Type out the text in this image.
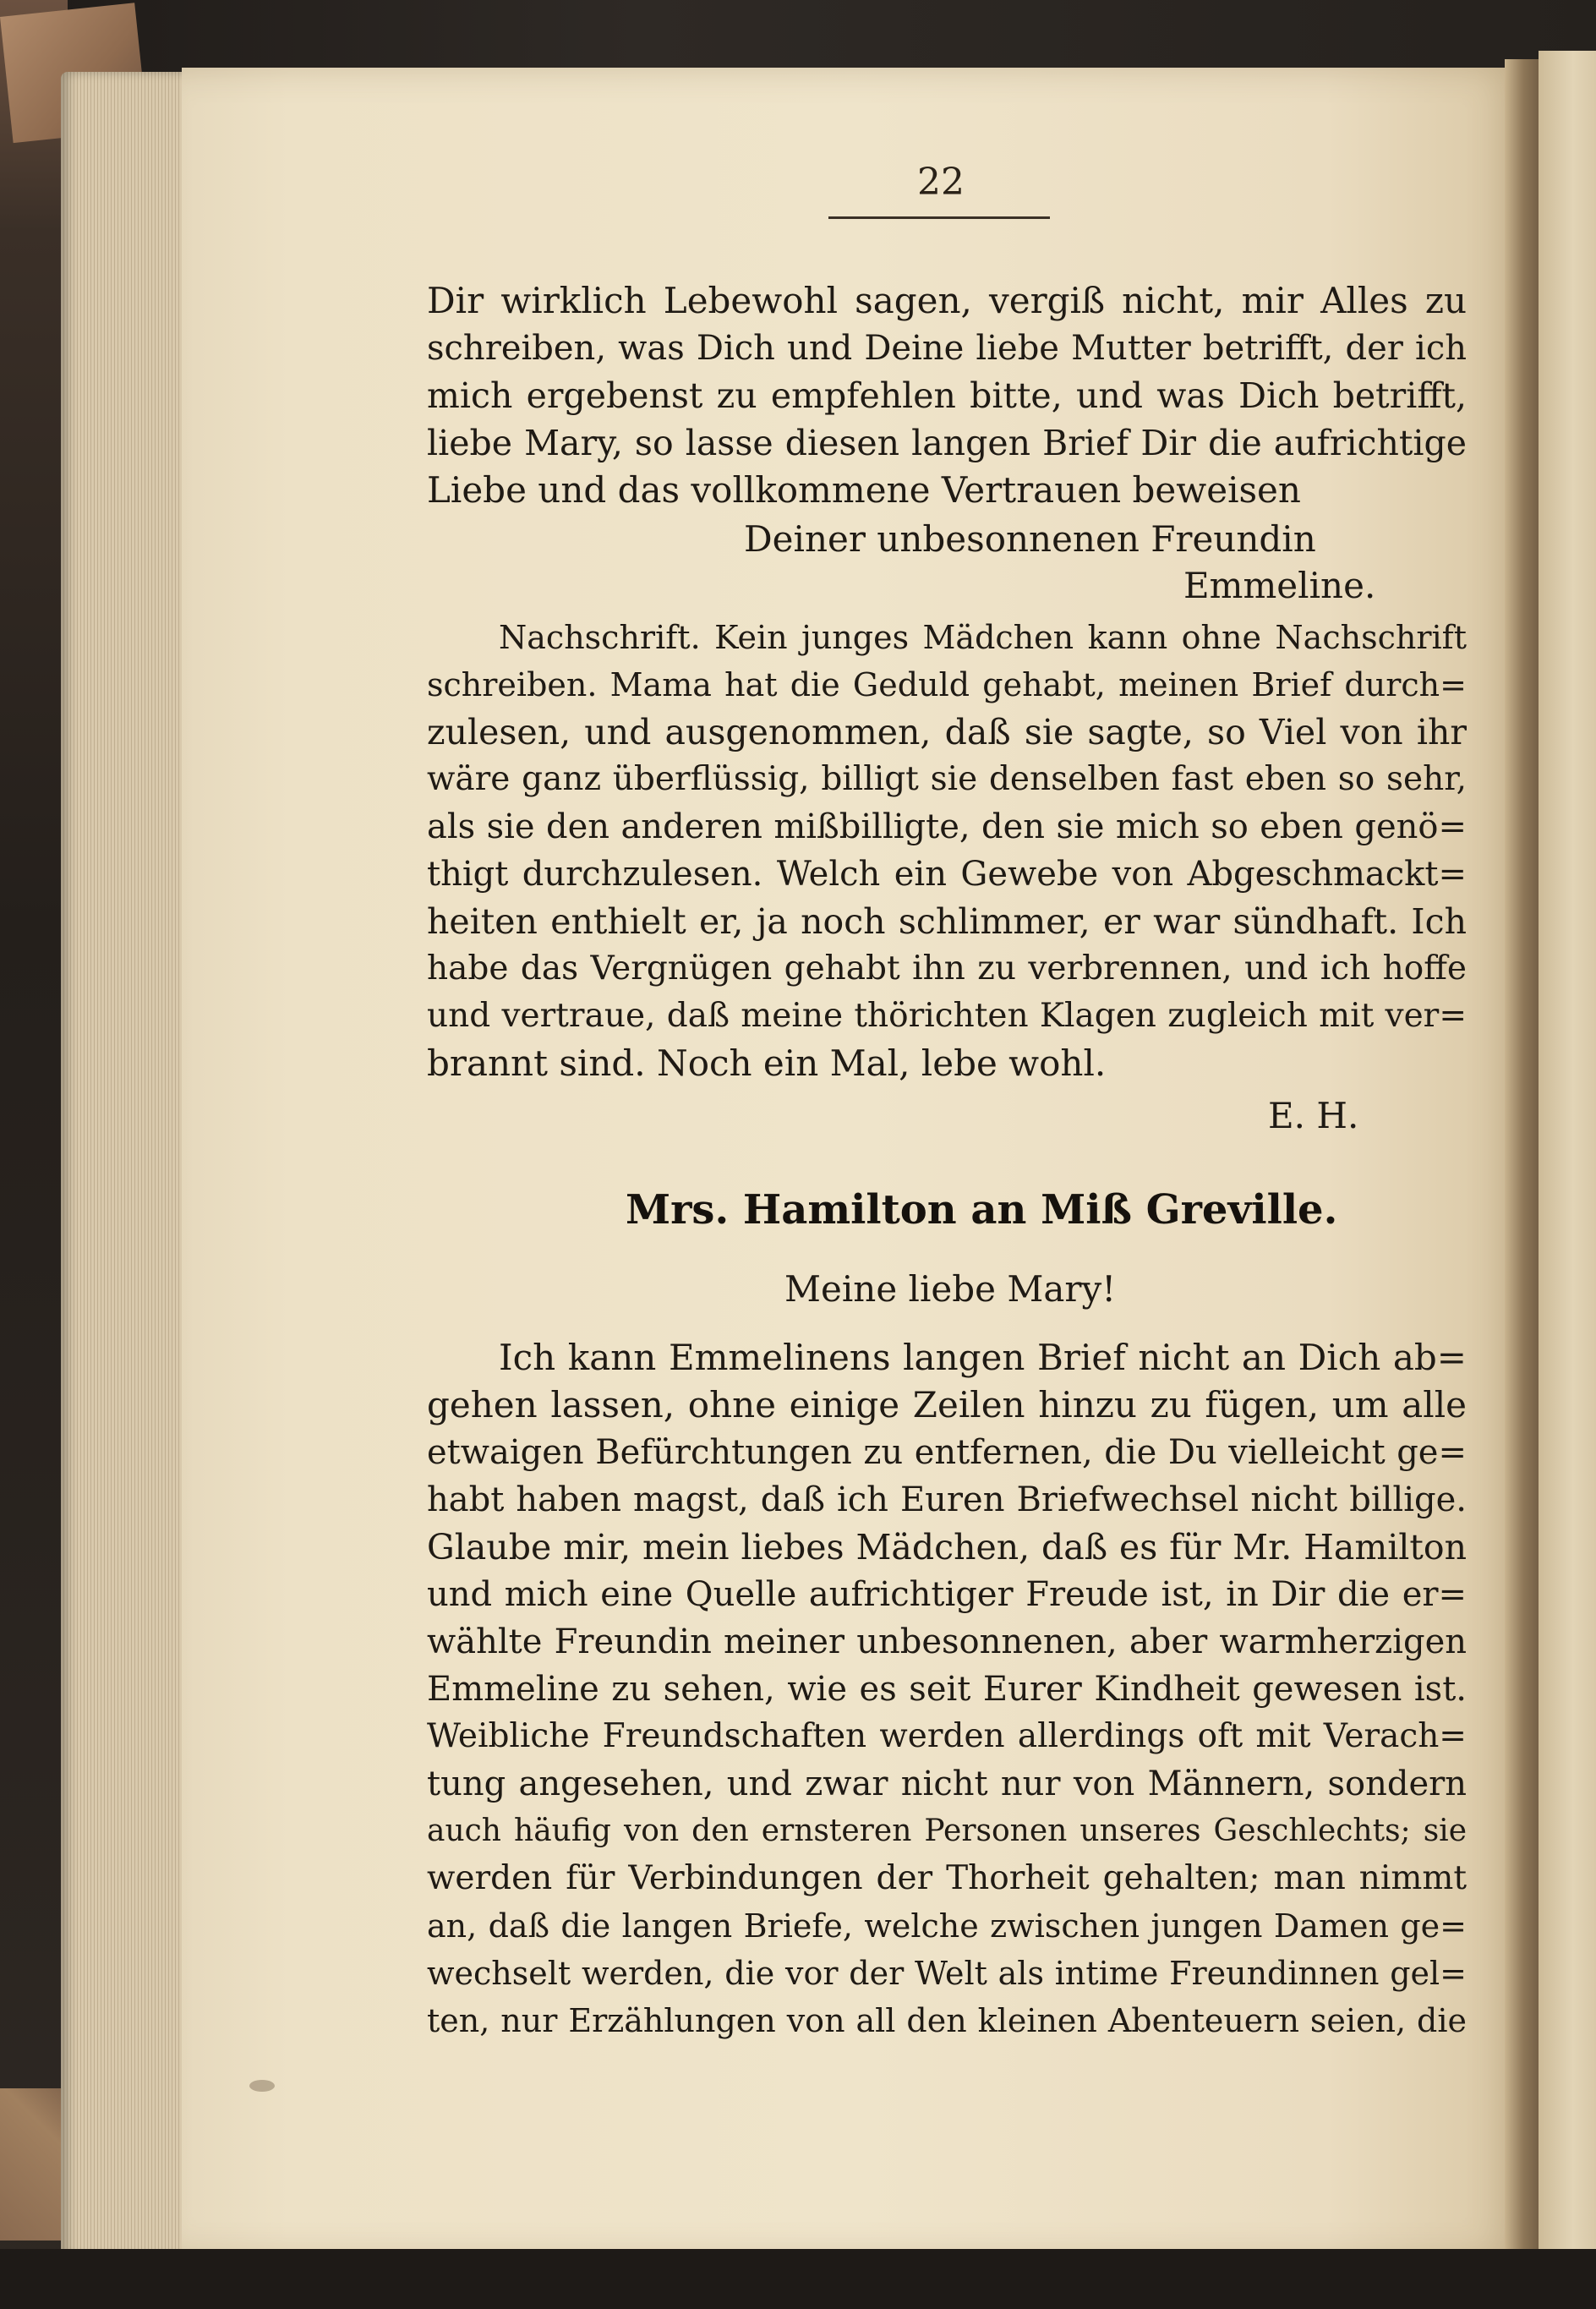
22
Dir wirklich Lebewohl sagen, vergiß nicht, mir Alles zu
schreiben, was Dich und Deine liebe Mutter betrifft, der ich
mich ergebenst zu empfehlen bitte, und was Dich betrifft,
liebe Mary, so lasse diesen langen Brief Dir die aufrichtige
Liebe und das vollkommene Vertrauen beweisen
Deiner unbesonnenen Freundin
Emmeline.
Nachschrift. Kein junges Mädchen kann ohne Nachschrift
schreiben. Mama hat die Geduld gehabt, meinen Brief durch=
zulesen, und ausgenommen, daß sie sagte, so Viel von ihr
wäre ganz überflüssig, billigt sie denselben fast eben so sehr,
als sie den anderen mißbilligte, den sie mich so eben genö=
thigt durchzulesen. Welch ein Gewebe von Abgeschmackt=
heiten enthielt er, ja noch schlimmer, er war sündhaft. Ich
habe das Vergnügen gehabt ihn zu verbrennen, und ich hoffe
und vertraue, daß meine thörichten Klagen zugleich mit ver=
brannt sind. Noch ein Mal, lebe wohl.
E. H.
Mrs. Hamilton an Miß Greville.
Meine liebe Mary!
Ich kann Emmelinens langen Brief nicht an Dich ab=
gehen lassen, ohne einige Zeilen hinzu zu fügen, um alle
etwaigen Befürchtungen zu entfernen, die Du vielleicht ge=
habt haben magst, daß ich Euren Briefwechsel nicht billige.
Glaube mir, mein liebes Mädchen, daß es für Mr. Hamilton
und mich eine Quelle aufrichtiger Freude ist, in Dir die er=
wählte Freundin meiner unbesonnenen, aber warmherzigen
Emmeline zu sehen, wie es seit Eurer Kindheit gewesen ist.
Weibliche Freundschaften werden allerdings oft mit Verach=
tung angesehen, und zwar nicht nur von Männern, sondern
auch häufig von den ernsteren Personen unseres Geschlechts; sie
werden für Verbindungen der Thorheit gehalten; man nimmt
an, daß die langen Briefe, welche zwischen jungen Damen ge=
wechselt werden, die vor der Welt als intime Freundinnen gel=
ten, nur Erzählungen von all den kleinen Abenteuern seien, die
